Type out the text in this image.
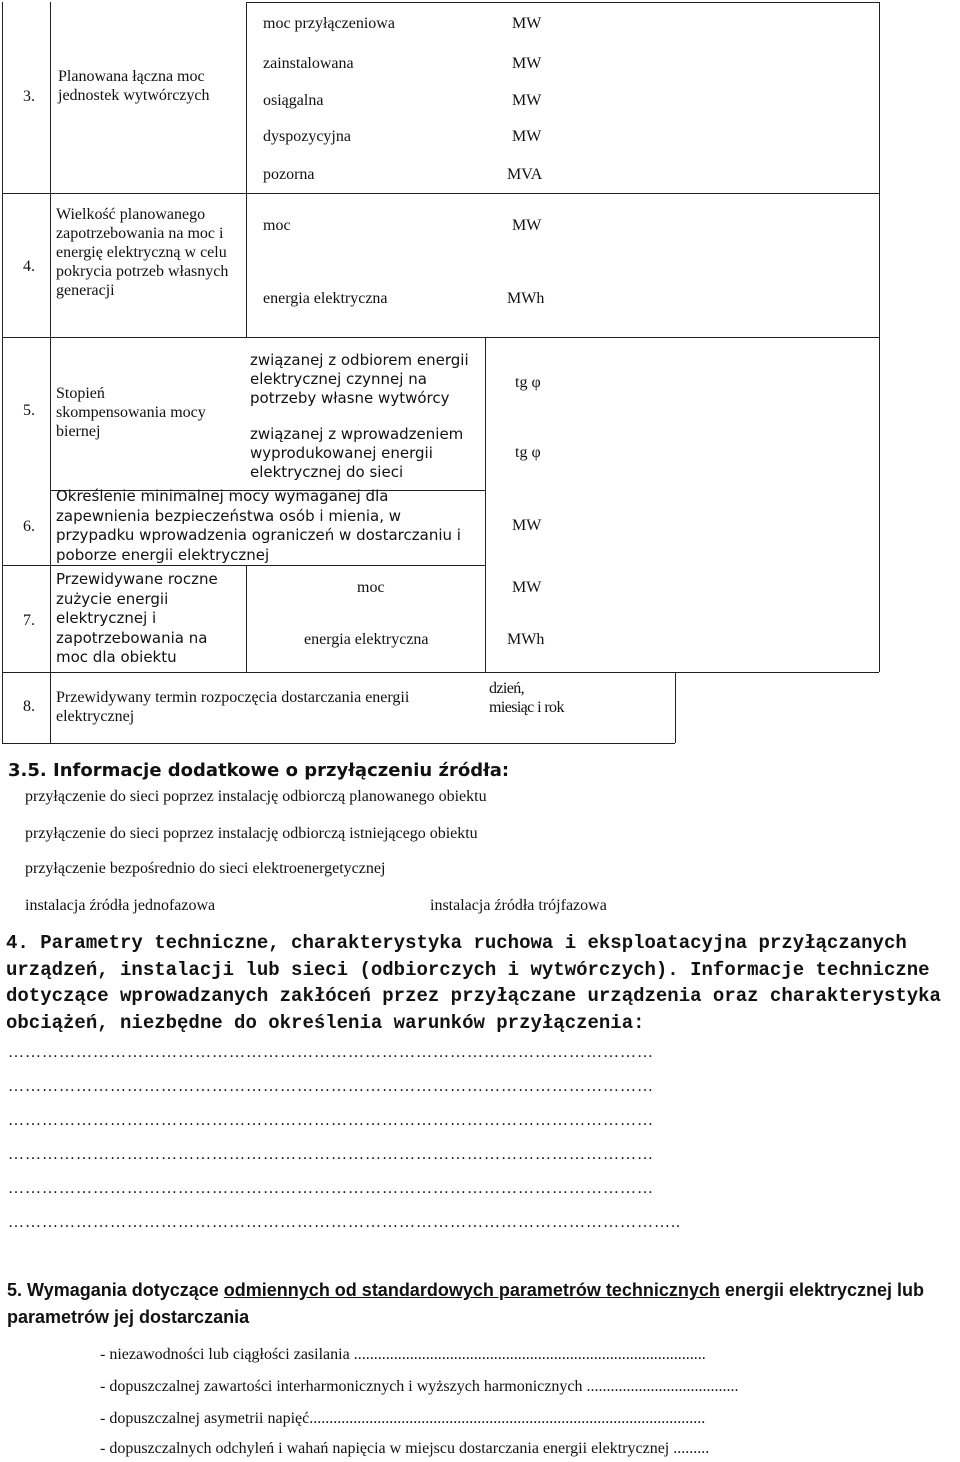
3.
Planowana łączna moc jednostek wytwórczych
moc przyłączeniowa	MW
zainstalowana	MW
osiągalna	MW
dyspozycyjna	MW
pozorna	MVA
4.
Wielkość planowanego zapotrzebowania na moc i energię elektryczną w celu pokrycia potrzeb własnych generacji
moc	MW
energia elektryczna	MWh
5.
Stopień skompensowania mocy biernej
związanej z odbiorem energii elektrycznej czynnej na potrzeby własne wytwórcy
tg φ
związanej z wprowadzeniem wyprodukowanej energii elektrycznej do sieci
tg φ
6.
Określenie minimalnej mocy wymaganej dla zapewnienia bezpieczeństwa osób i mienia, w przypadku wprowadzenia ograniczeń w dostarczaniu i poborze energii elektrycznej
MW
7.
Przewidywane roczne zużycie energii elektrycznej i zapotrzebowania na moc dla obiektu
moc	MW
energia elektryczna	MWh
8.
Przewidywany termin rozpoczęcia dostarczania energii elektrycznej
dzień, miesiąc i rok
3.5. Informacje dodatkowe o przyłączeniu źródła:
przyłączenie do sieci poprzez instalację odbiorczą planowanego obiektu
przyłączenie do sieci poprzez instalację odbiorczą istniejącego obiektu
przyłączenie bezpośrednio do sieci elektroenergetycznej
instalacja źródła jednofazowa	instalacja źródła trójfazowa
4. Parametry techniczne, charakterystyka ruchowa i eksploatacyjna przyłączanych urządzeń, instalacji lub sieci (odbiorczych i wytwórczych). Informacje techniczne dotyczące wprowadzanych zakłóceń przez przyłączane urządzenia oraz charakterystyka obciążeń, niezbędne do określenia warunków przyłączenia:
……………………………………………………………………………………………………
……………………………………………………………………………………………………
……………………………………………………………………………………………………
……………………………………………………………………………………………………
……………………………………………………………………………………………………
………………………………………………………………………………………………………..
5. Wymagania dotyczące odmiennych od standardowych parametrów technicznych energii elektrycznej lub parametrów jej dostarczania
- niezawodności lub ciągłości zasilania ........................................................................................
- dopuszczalnej zawartości interharmonicznych i wyższych harmonicznych ......................................
- dopuszczalnej asymetrii napięć...................................................................................................
- dopuszczalnych odchyleń i wahań napięcia w miejscu dostarczania energii elektrycznej .........
